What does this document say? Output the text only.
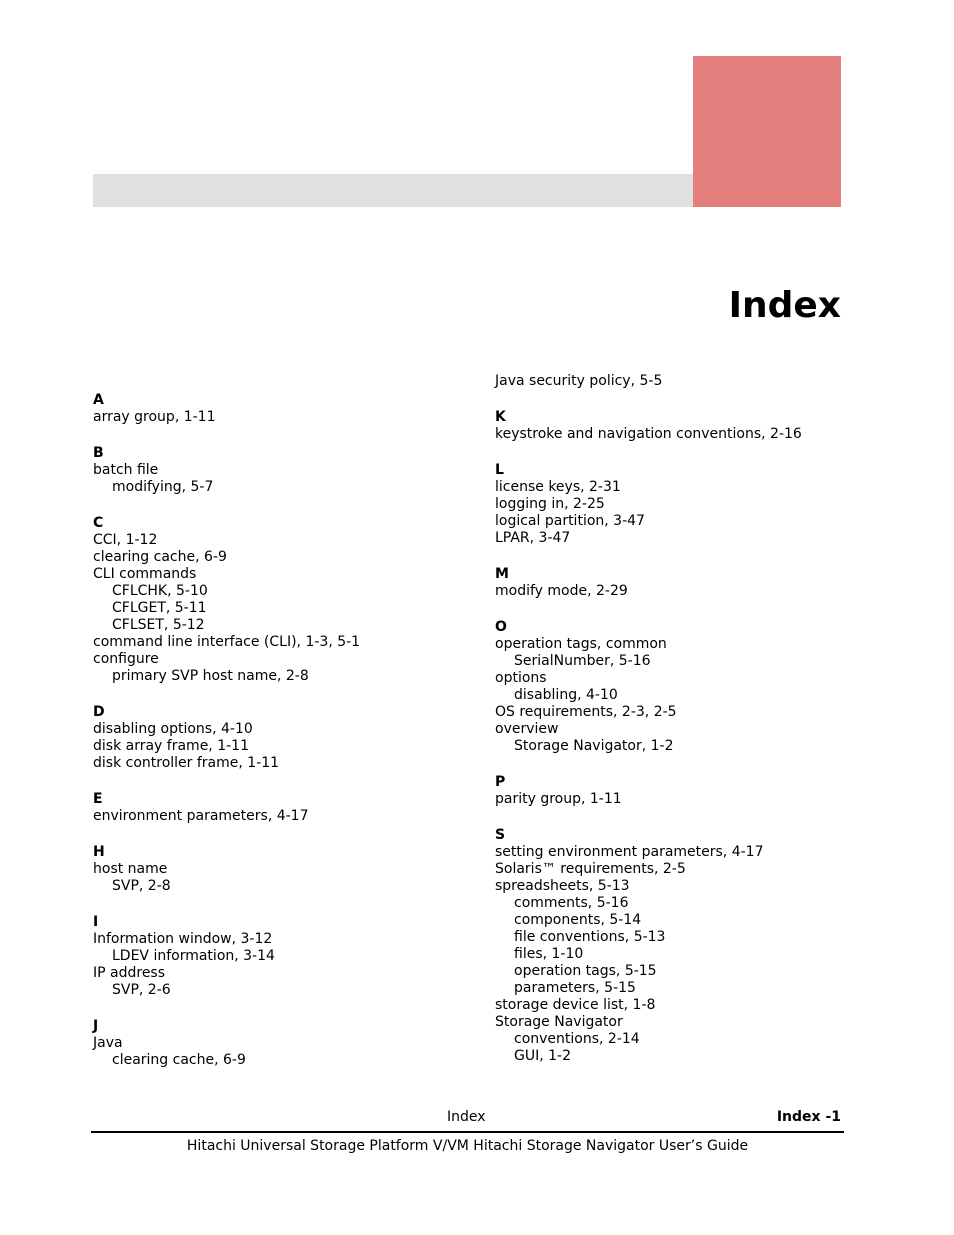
Index
A
array group, 1-11
B
batch file
modifying, 5-7
C
CCI, 1-12
clearing cache, 6-9
CLI commands
CFLCHK, 5-10
CFLGET, 5-11
CFLSET, 5-12
command line interface (CLI), 1-3, 5-1
configure
primary SVP host name, 2-8
D
disabling options, 4-10
disk array frame, 1-11
disk controller frame, 1-11
E
environment parameters, 4-17
H
host name
SVP, 2-8
I
Information window, 3-12
LDEV information, 3-14
IP address
SVP, 2-6
J
Java
clearing cache, 6-9
Java security policy, 5-5
K
keystroke and navigation conventions, 2-16
L
license keys, 2-31
logging in, 2-25
logical partition, 3-47
LPAR, 3-47
M
modify mode, 2-29
O
operation tags, common
SerialNumber, 5-16
options
disabling, 4-10
OS requirements, 2-3, 2-5
overview
Storage Navigator, 1-2
P
parity group, 1-11
S
setting environment parameters, 4-17
Solaris™ requirements, 2-5
spreadsheets, 5-13
comments, 5-16
components, 5-14
file conventions, 5-13
files, 1-10
operation tags, 5-15
parameters, 5-15
storage device list, 1-8
Storage Navigator
conventions, 2-14
GUI, 1-2
Index	Index -1
Hitachi Universal Storage Platform V/VM Hitachi Storage Navigator User’s Guide
